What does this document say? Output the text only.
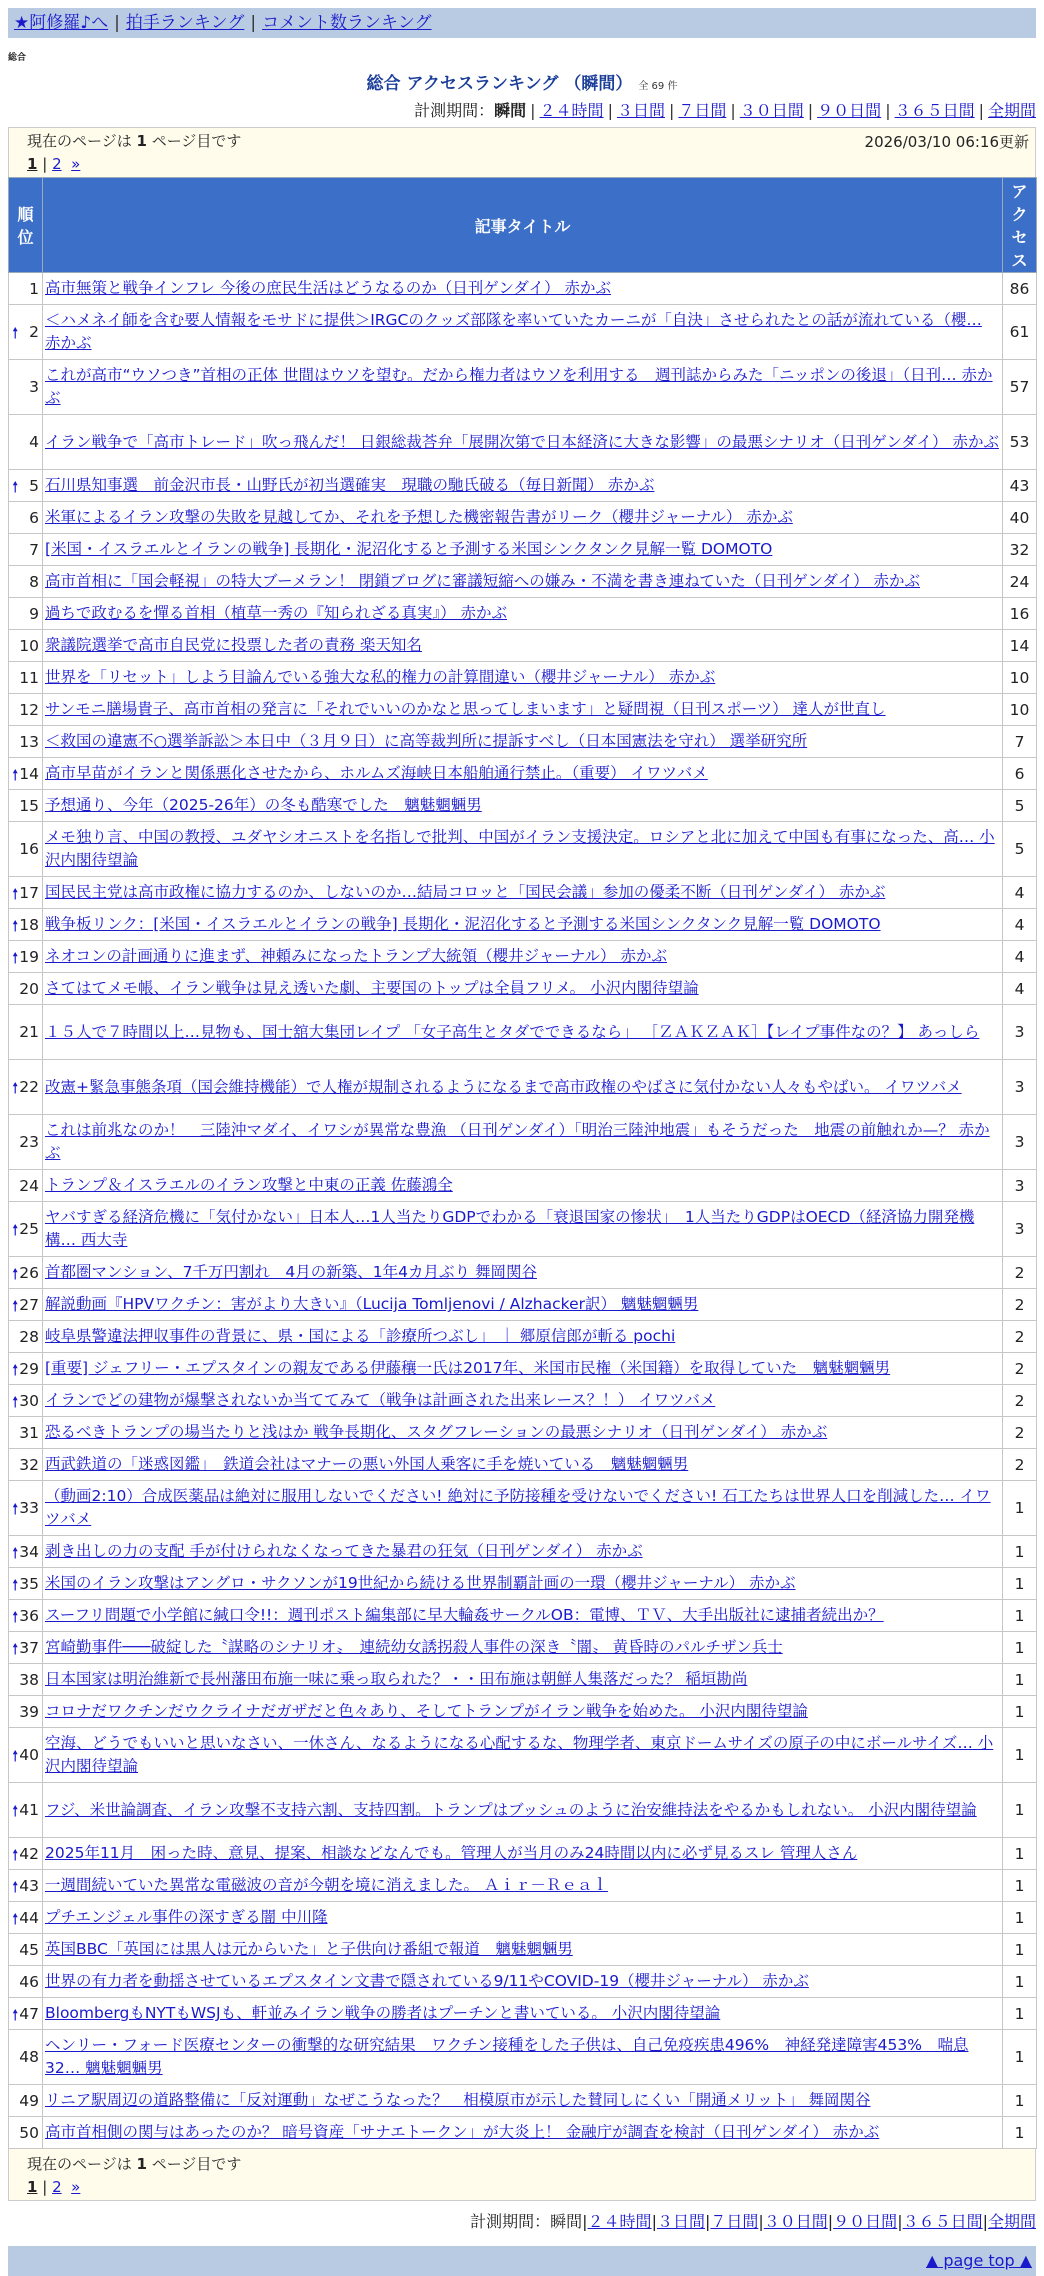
★阿修羅♪へ | 拍手ランキング | コメント数ランキング
総合
総合 アクセスランキング （瞬間） 全 69 件
計測期間：瞬間 | ２４時間 | ３日間 | ７日間 | ３０日間 | ９０日間 | ３６５日間 | 全期間
現在のページは 1 ページ目です	2026/03/10 06:16更新
1 | 2 »
順位	記事タイトル	アクセス
1	高市無策と戦争インフレ 今後の庶民生活はどうなるのか（日刊ゲンダイ） 赤かぶ	86

🠕 2	＜ハメネイ師を含む要人情報をモサドに提供＞IRGCのクッズ部隊を率いていたカーニが「自決」させられたとの話が流れている（櫻… 赤かぶ	61
3	これが高市“ウソつき”首相の正体 世間はウソを望む。だから権力者はウソを利用する　週刊誌からみた「ニッポンの後退」（日刊… 赤かぶ	57
4	イラン戦争で「高市トレード」吹っ飛んだ！ 日銀総裁荅弁「展開次第で日本経済に大きな影響」の最悪シナリオ（日刊ゲンダイ） 赤かぶ	53

🠕 5	石川県知事選　前金沢市長・山野氏が初当選確実　現職の馳氏破る（毎日新聞） 赤かぶ	43
6	米軍によるイラン攻撃の失敗を見越してか、それを予想した機密報告書がリーク（櫻井ジャーナル） 赤かぶ	40
7	[米国・イスラエルとイランの戦争] 長期化・泥沼化すると予測する米国シンクタンク見解一覧 DOMOTO	32
8	高市首相に「国会軽視」の特大ブーメラン！ 閉鎖ブログに審議短縮への嫌み・不満を書き連ねていた（日刊ゲンダイ） 赤かぶ	24
9	過ちで政むるを憚る首相（植草一秀の『知られざる真実』） 赤かぶ	16
10	衆議院選挙で高市自民党に投票した者の責務 楽天知名	14
11	世界を「リセット」しよう目論んでいる強大な私的権力の計算間違い（櫻井ジャーナル） 赤かぶ	10
12	サンモニ膳場貴子、高市首相の発言に「それでいいのかなと思ってしまいます」と疑問視（日刊スポーツ） 達人が世直し	10
13	＜救国の違憲不○選挙訴訟＞本日中（３月９日）に高等裁判所に提訴すべし（日本国憲法を守れ） 選挙研究所	7

🠕 14	高市早苗がイランと関係悪化させたから、ホルムズ海峡日本船舶通行禁止。（重要） イワツバメ	6
15	予想通り、今年（2025-26年）の冬も酷寒でした　魑魅魍魎男	5
16	メモ独り言、中国の教授、ユダヤシオニストを名指しで批判、中国がイラン支援決定。ロシアと北に加えて中国も有事になった、高… 小沢内閣待望論	5

🠕 17	国民民主党は高市政権に協力するのか、しないのか…結局コロッと「国民会議」参加の優柔不断（日刊ゲンダイ） 赤かぶ	4

🠕 18	戦争板リンク：[米国・イスラエルとイランの戦争] 長期化・泥沼化すると予測する米国シンクタンク見解一覧 DOMOTO	4

🠕 19	ネオコンの計画通りに進まず、神頼みになったトランプ大統領（櫻井ジャーナル） 赤かぶ	4
20	さてはてメモ帳、イラン戦争は見え透いた劇、主要国のトップは全員フリメ。 小沢内閣待望論	4
21	１５人で７時間以上…見物も、国士舘大集団レイプ 「女子高生とタダでできるなら」 ［ＺＡＫＺＡＫ］【レイプ事件なの？】 あっしら	3

🠕 22	改憲+緊急事態条項（国会維持機能）で人権が規制されるようになるまで高市政権のやばさに気付かない人々もやばい。 イワツバメ	3
23	これは前兆なのか！　三陸沖マダイ、イワシが異常な豊漁 （日刊ゲンダイ）「明治三陸沖地震」もそうだった　地震の前触れか—？ 赤かぶ	3
24	トランプ＆イスラエルのイラン攻撃と中東の正義 佐藤鴻全	3

🠕 25	ヤバすぎる経済危機に「気付かない」日本人…1人当たりGDPでわかる「衰退国家の惨状」　1人当たりGDPはOECD（経済協力開発機構… 西大寺	3

🠕 26	首都圏マンション、7千万円割れ　4月の新築、1年4カ月ぶり 舞岡関谷	2

🠕 27	解説動画『HPVワクチン：害がより大きい』（Lucija Tomljenovi / Alzhacker訳） 魑魅魍魎男	2
28	岐阜県警違法押収事件の背景に、県・国による「診療所つぶし」 ｜ 郷原信郎が斬る pochi	2

🠕 29	[重要] ジェフリー・エプスタインの親友である伊藤穰一氏は2017年、米国市民権（米国籍）を取得していた　魑魅魍魎男	2

🠕 30	イランでどの建物が爆撃されないか当ててみて（戦争は計画された出来レース？！） イワツバメ	2
31	恐るべきトランプの場当たりと浅はか 戦争長期化、スタグフレーションの最悪シナリオ（日刊ゲンダイ） 赤かぶ	2
32	西武鉄道の「迷惑図鑑」　鉄道会社はマナーの悪い外国人乗客に手を焼いている　魑魅魍魎男	2

🠕 33	（動画2:10）合成医薬品は絶対に服用しないでください! 絶対に予防接種を受けないでください! 石工たちは世界人口を削減した… イワツバメ	1

🠕 34	剥き出しの力の支配 手が付けられなくなってきた暴君の狂気（日刊ゲンダイ） 赤かぶ	1

🠕 35	米国のイラン攻撃はアングロ・サクソンが19世紀から続ける世界制覇計画の一環（櫻井ジャーナル） 赤かぶ	1

🠕 36	スーフリ問題で小学館に緘口令!!：週刊ポスト編集部に早大輪姦サークルOB：電博、ＴＶ、大手出版社に逮捕者続出か？	1

🠕 37	宮崎勤事件───破綻した〝謀略のシナリオ〟　連続幼女誘拐殺人事件の深き〝闇〟 黄昏時のパルチザン兵士	1
38	日本国家は明治維新で長州藩田布施一味に乗っ取られた？・・田布施は朝鮮人集落だった？ 稲垣勘尚	1
39	コロナだワクチンだウクライナだガザだと色々あり、そしてトランプがイラン戦争を始めた。 小沢内閣待望論	1

🠕 40	空海、どうでもいいと思いなさい、一休さん、なるようになる心配するな、物理学者、東京ドームサイズの原子の中にボールサイズ… 小沢内閣待望論	1

🠕 41	フジ、米世論調査、イラン攻撃不支持六割、支持四割。トランプはブッシュのように治安維持法をやるかもしれない。 小沢内閣待望論	1

🠕 42	2025年11月　困った時、意見、提案、相談などなんでも。管理人が当月のみ24時間以内に必ず見るスレ 管理人さん	1

🠕 43	一週間続いていた異常な電磁波の音が今朝を境に消えました。 Ａｉｒ－Ｒｅａｌ	1

🠕 44	プチエンジェル事件の深すぎる闇 中川隆	1
45	英国BBC「英国には黒人は元からいた」と子供向け番組で報道　魑魅魍魎男	1
46	世界の有力者を動揺させているエプスタイン文書で隠されている9/11やCOVID-19（櫻井ジャーナル） 赤かぶ	1

🠕 47	BloombergもNYTもWSJも、軒並みイラン戦争の勝者はプーチンと書いている。 小沢内閣待望論	1
48	ヘンリー・フォード医療センターの衝撃的な研究結果　ワクチン接種をした子供は、自己免疫疾患496%　神経発達障害453%　喘息32… 魑魅魍魎男	1
49	リニア駅周辺の道路整備に「反対運動」なぜこうなった？　相模原市が示した賛同しにくい「開通メリット」 舞岡関谷	1
50	高市首相側の関与はあったのか？ 暗号資産「サナエトークン」が大炎上！ 金融庁が調査を検討（日刊ゲンダイ） 赤かぶ	1
現在のページは 1 ページ目です
1 | 2 »
計測期間：瞬間|２４時間|３日間|７日間|３０日間|９０日間|３６５日間|全期間
▲ page top ▲
